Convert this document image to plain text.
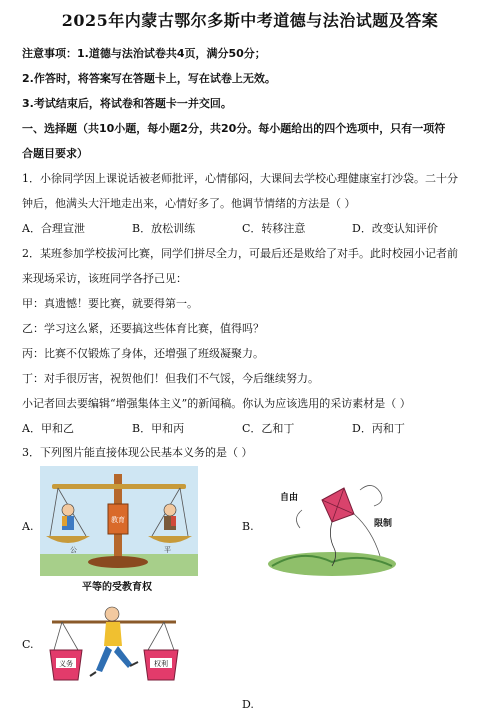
2025年内蒙古鄂尔多斯中考道德与法治试题及答案
注意事项：1.道德与法治试卷共4页，满分50分；
2.作答时，将答案写在答题卡上，写在试卷上无效。
3.考试结束后，将试卷和答题卡一并交回。
一、选择题（共10小题，每小题2分，共20分。每小题给出的四个选项中，只有一项符
合题目要求）
1．小徐同学因上课说话被老师批评，心情郁闷，大课间去学校心理健康室打沙袋。二十分
钟后，他满头大汗地走出来，心情好多了。他调节情绪的方法是（ ）
A．合理宣泄	B．放松训练	C．转移注意	D．改变认知评价
2．某班参加学校拔河比赛，同学们拼尽全力，可最后还是败给了对手。此时校园小记者前
来现场采访，该班同学各抒己见：
甲：真遗憾！要比赛，就要得第一。
乙：学习这么紧，还要搞这些体育比赛，值得吗？
丙：比赛不仅锻炼了身体，还增强了班级凝聚力。
丁：对手很厉害，祝贺他们！但我们不气馁，今后继续努力。
小记者回去要编辑“增强集体主义”的新闻稿。你认为应该选用的采访素材是（ ）
A．甲和乙	B．甲和丙	C．乙和丁	D．丙和丁
3．下列图片能直接体现公民基本义务的是（ ）
A.	B.
C.
D.
教育
公	平
平等的受教育权
自由
限制
义务	权利
